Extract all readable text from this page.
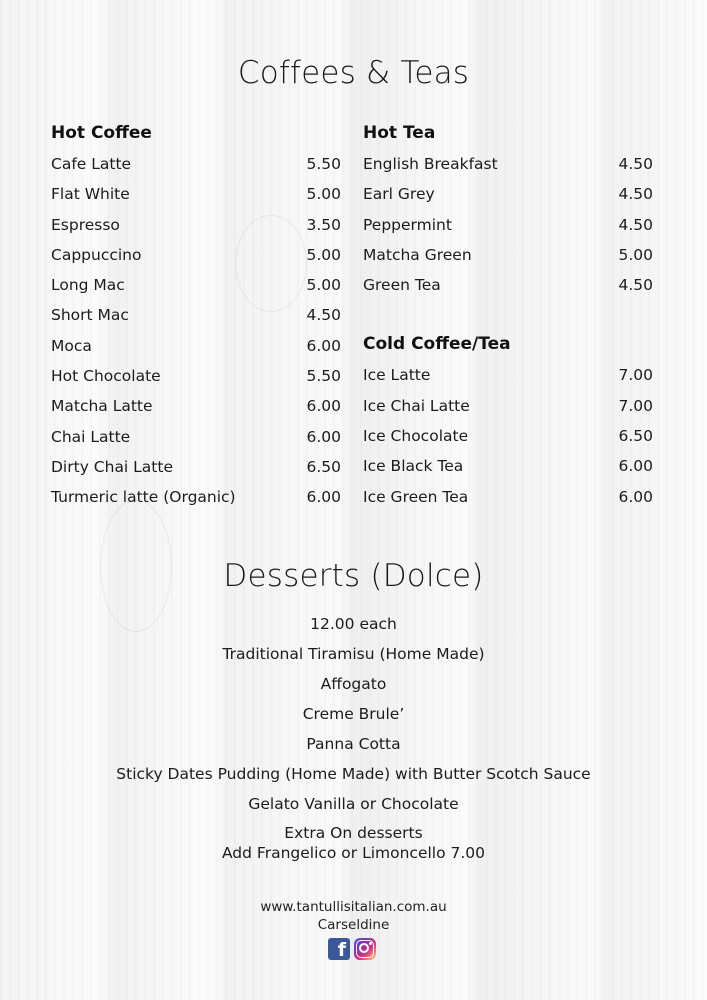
Coffees & Teas
Hot Coffee
Cafe Latte	5.50
Flat White	5.00
Espresso	3.50
Cappuccino	5.00
Long Mac	5.00
Short Mac	4.50
Moca	6.00
Hot Chocolate	5.50
Matcha Latte	6.00
Chai Latte	6.00
Dirty Chai Latte	6.50
Turmeric latte (Organic)	6.00
Hot Tea
English Breakfast	4.50
Earl Grey	4.50
Peppermint	4.50
Matcha Green	5.00
Green Tea	4.50
Cold Coffee/Tea
Ice Latte	7.00
Ice Chai Latte	7.00
Ice Chocolate	6.50
Ice Black Tea	6.00
Ice Green Tea	6.00
Desserts (Dolce)
12.00 each
Traditional Tiramisu (Home Made)
Affogato
Creme Brule’
Panna Cotta
Sticky Dates Pudding (Home Made) with Butter Scotch Sauce
Gelato Vanilla or Chocolate
Extra On desserts
Add Frangelico or Limoncello 7.00
www.tantullisitalian.com.au
Carseldine
f
